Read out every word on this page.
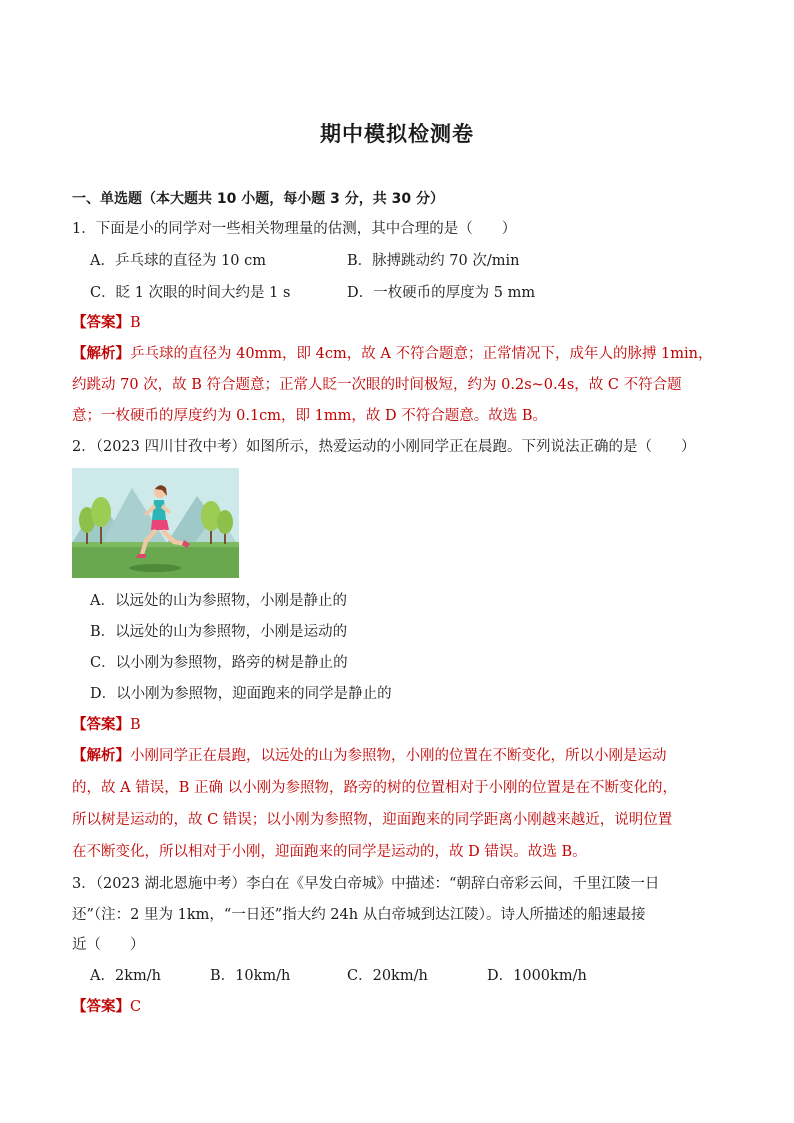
期中模拟检测卷
一、单选题（本大题共 10 小题，每小题 3 分，共 30 分）
1．下面是小的同学对一些相关物理量的估测，其中合理的是（　　）
A．乒乓球的直径为 10 cm	B．脉搏跳动约 70 次/min
C．眨 1 次眼的时间大约是 1 s	D．一枚硬币的厚度为 5 mm
【答案】B
【解析】乒乓球的直径为 40mm，即 4cm，故 A 不符合题意；正常情况下，成年人的脉搏 1min，
约跳动 70 次，故 B 符合题意；正常人眨一次眼的时间极短，约为 0.2s~0.4s，故 C 不符合题
意；一枚硬币的厚度约为 0.1cm，即 1mm，故 D 不符合题意。故选 B。
2．（2023 四川甘孜中考）如图所示，热爱运动的小刚同学正在晨跑。下列说法正确的是（　　）
A．以远处的山为参照物，小刚是静止的
B．以远处的山为参照物，小刚是运动的
C．以小刚为参照物，路旁的树是静止的
D．以小刚为参照物，迎面跑来的同学是静止的
【答案】B
【解析】小刚同学正在晨跑，以远处的山为参照物，小刚的位置在不断变化，所以小刚是运动
的，故 A 错误，B 正确 以小刚为参照物，路旁的树的位置相对于小刚的位置是在不断变化的，
所以树是运动的，故 C 错误；以小刚为参照物，迎面跑来的同学距离小刚越来越近，说明位置
在不断变化，所以相对于小刚，迎面跑来的同学是运动的，故 D 错误。故选 B。
3．（2023 湖北恩施中考）李白在《早发白帝城》中描述：“朝辞白帝彩云间，千里江陵一日
还”（注：2 里为 1km，“一日还”指大约 24h 从白帝城到达江陵）。诗人所描述的船速最接
近（　　）
A．2km/h	B．10km/h	C．20km/h	D．1000km/h
【答案】C
